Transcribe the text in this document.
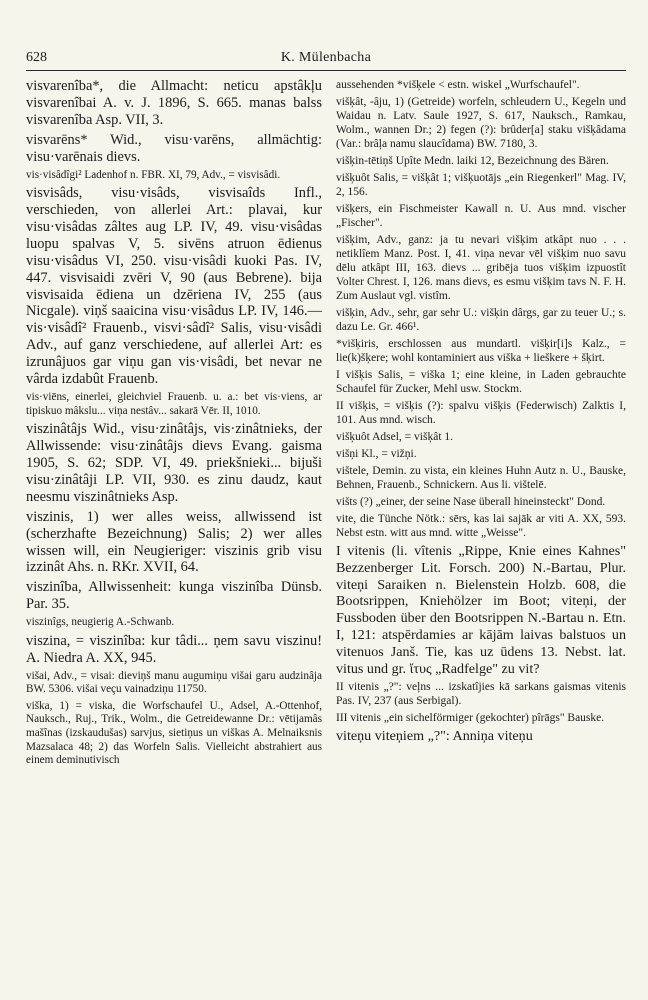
628	K. Mülenbacha

visvarenîba*, die Allmacht: neticu apstâkļu visvarenîbai A. v. J. 1896, S. 665. manas balss visvarenîba Asp. VII, 3.

visvarēns* Wid., visu·varēns, allmächtig: visu·varēnais dievs.

vis·visâdîgi² Ladenhof n. FBR. XI, 79, Adv., = visvisâdi.

visvisâds, visu·visâds, visvisaîds Infl., verschieden, von allerlei Art.: plavai, kur visu·visâdas zâltes aug LP. IV, 49. visu·visâdas luopu spalvas V, 5. sivēns atruon ēdienus visu·visâdus VI, 250. visu·visâdi kuoki Pas. IV, 447. visvisaidi zvēri V, 90 (aus Bebrene). bija visvisaida ēdiena un dzērienа IV, 255 (aus Nicgale). viņš saaicina visu·visâdus LP. IV, 146.—vis·visâdî² Frauenb., visvi·sâdî² Salis, visu·visâdi Adv., auf ganz verschiedene, auf allerlei Art: es izrunâjuos gar viņu gan vis·visâdi, bet nevar ne vârda izdabût Frauenb.

vis·viēns, einerlei, gleichviel Frauenb. u. a.: bet vis·viens, ar tipiskuo mâkslu... viņa nestâv... sakarā Vēr. II, 1010.

viszinâtâjs Wid., visu·zinâtâjs, vis·zinâtnieks, der Allwissende: visu·zinâtâjs dievs Evang. gaisma 1905, S. 62; SDP. VI, 49. priekšnieki... bijuši visu·zinâtâji LP. VII, 930. es zinu daudz, kaut neesmu viszinâtnieks Asp.

viszinis, 1) wer alles weiss, allwissend ist (scherzhafte Bezeichnung) Salis; 2) wer alles wissen will, ein Neugieriger: viszinis grib visu izzinât Ahs. n. RKr. XVII, 64.

viszinîba, Allwissenheit: kunga viszinîba Dünsb. Par. 35.

viszinîgs, neugierig A.-Schwanb.

viszina, = viszinîba: kur tâdi... ņem savu viszinu! A. Niedra A. XX, 945.

višai, Adv., = visai: dieviņš manu augumiņu višai garu audzinâja BW. 5306. višai veçu vainadziņu 11750.

viška, 1) = viska, die Worfschaufel U., Adsel, A.-Ottenhof, Nauksch., Ruj., Trik., Wolm., die Getreidewanne Dr.: vētijamâs mašînas (izskaudušas) sarvjus, sietiņus un viškas A. Melnaiksnis Mazsalaca 48; 2) das Worfeln Salis. Vielleicht abstrahiert aus einem deminutivisch

aussehenden *višķele < estn. wiskel „Wurfschaufel".

višķât, -âju, 1) (Getreide) worfeln, schleudern U., Kegeln und Waidau n. Latv. Saule 1927, S. 617, Nauksch., Ramkau, Wolm., wannen Dr.; 2) fegen (?): brûder[a] staku višķâdama (Var.: brâļa namu slaucîdama) BW. 7180, 3.

višķin-tētiņš Upîte Medn. laiki 12, Bezeichnung des Bären.

višķuôt Salis, = višķât 1; višķuotājs „ein Riegenkerl" Mag. IV, 2, 156.

višķers, ein Fischmeister Kawall n. U. Aus mnd. vischer „Fischer".

višķim, Adv., ganz: ja tu nevari višķim atkâpt nuo . . . netiklîem Manz. Post. I, 41. viņa nevar vēl višķim nuo savu dēlu atkâpt III, 163. dievs ... gribēja tuos višķim izpuostît Volter Chrest. I, 126. mans dievs, es esmu višķim tavs N. F. H. Zum Auslaut vgl. vistîm.

višķin, Adv., sehr, gar sehr U.: višķin dârgs, gar zu teuer U.; s. dazu Le. Gr. 466¹.

*višķiris, erschlossen aus mundartl. višķir[i]s Kalz., = lie(k)šķere; wohl kontaminiert aus viška + lieškere + šķirt.

I višķis Salis, = viška 1; eine kleine, in Laden gebrauchte Schaufel für Zucker, Mehl usw. Stockm.

II višķis, = višķis (?): spalvu višķis (Federwisch) Zalktis I, 101. Aus mnd. wisch.

višķuôt Adsel, = višķât 1.

višņi Kl., = vižņi.

vištele, Demin. zu vista, ein kleines Huhn Autz n. U., Bauske, Behnen, Frauenb., Schnickern. Aus li. vištelē.

višts (?) „einer, der seine Nase überall hineinsteckt" Dond.

vite, die Tünche Nötk.: sērs, kas lai sajāk ar viti A. XX, 593. Nebst estn. witt aus mnd. witte „Weisse".

I vitenis (li. vîtenis „Rippe, Knie eines Kahnes" Bezzenberger Lit. Forsch. 200) N.-Bartau, Plur. viteņi Saraiken n. Bielenstein Holzb. 608, die Bootsrippen, Kniehölzer im Boot; viteņi, der Fussboden über den Bootsrippen N.-Bartau n. Etn. I, 121: atspērdamies ar kājām laivas balstuos un vitenuos Janš. Tie, kas uz ūdens 13. Nebst. lat. vitus und gr. ἴτυς „Radfelge" zu vit?

II vitenis „?": veļns ... izskatîjies kā sarkans gaismas vitenis Pas. IV, 237 (aus Serbigal).

III vitenis „ein sichelförmiger (gekochter) pîrāgs" Bauske.

viteņu viteņiem „?": Anniņa viteņu
